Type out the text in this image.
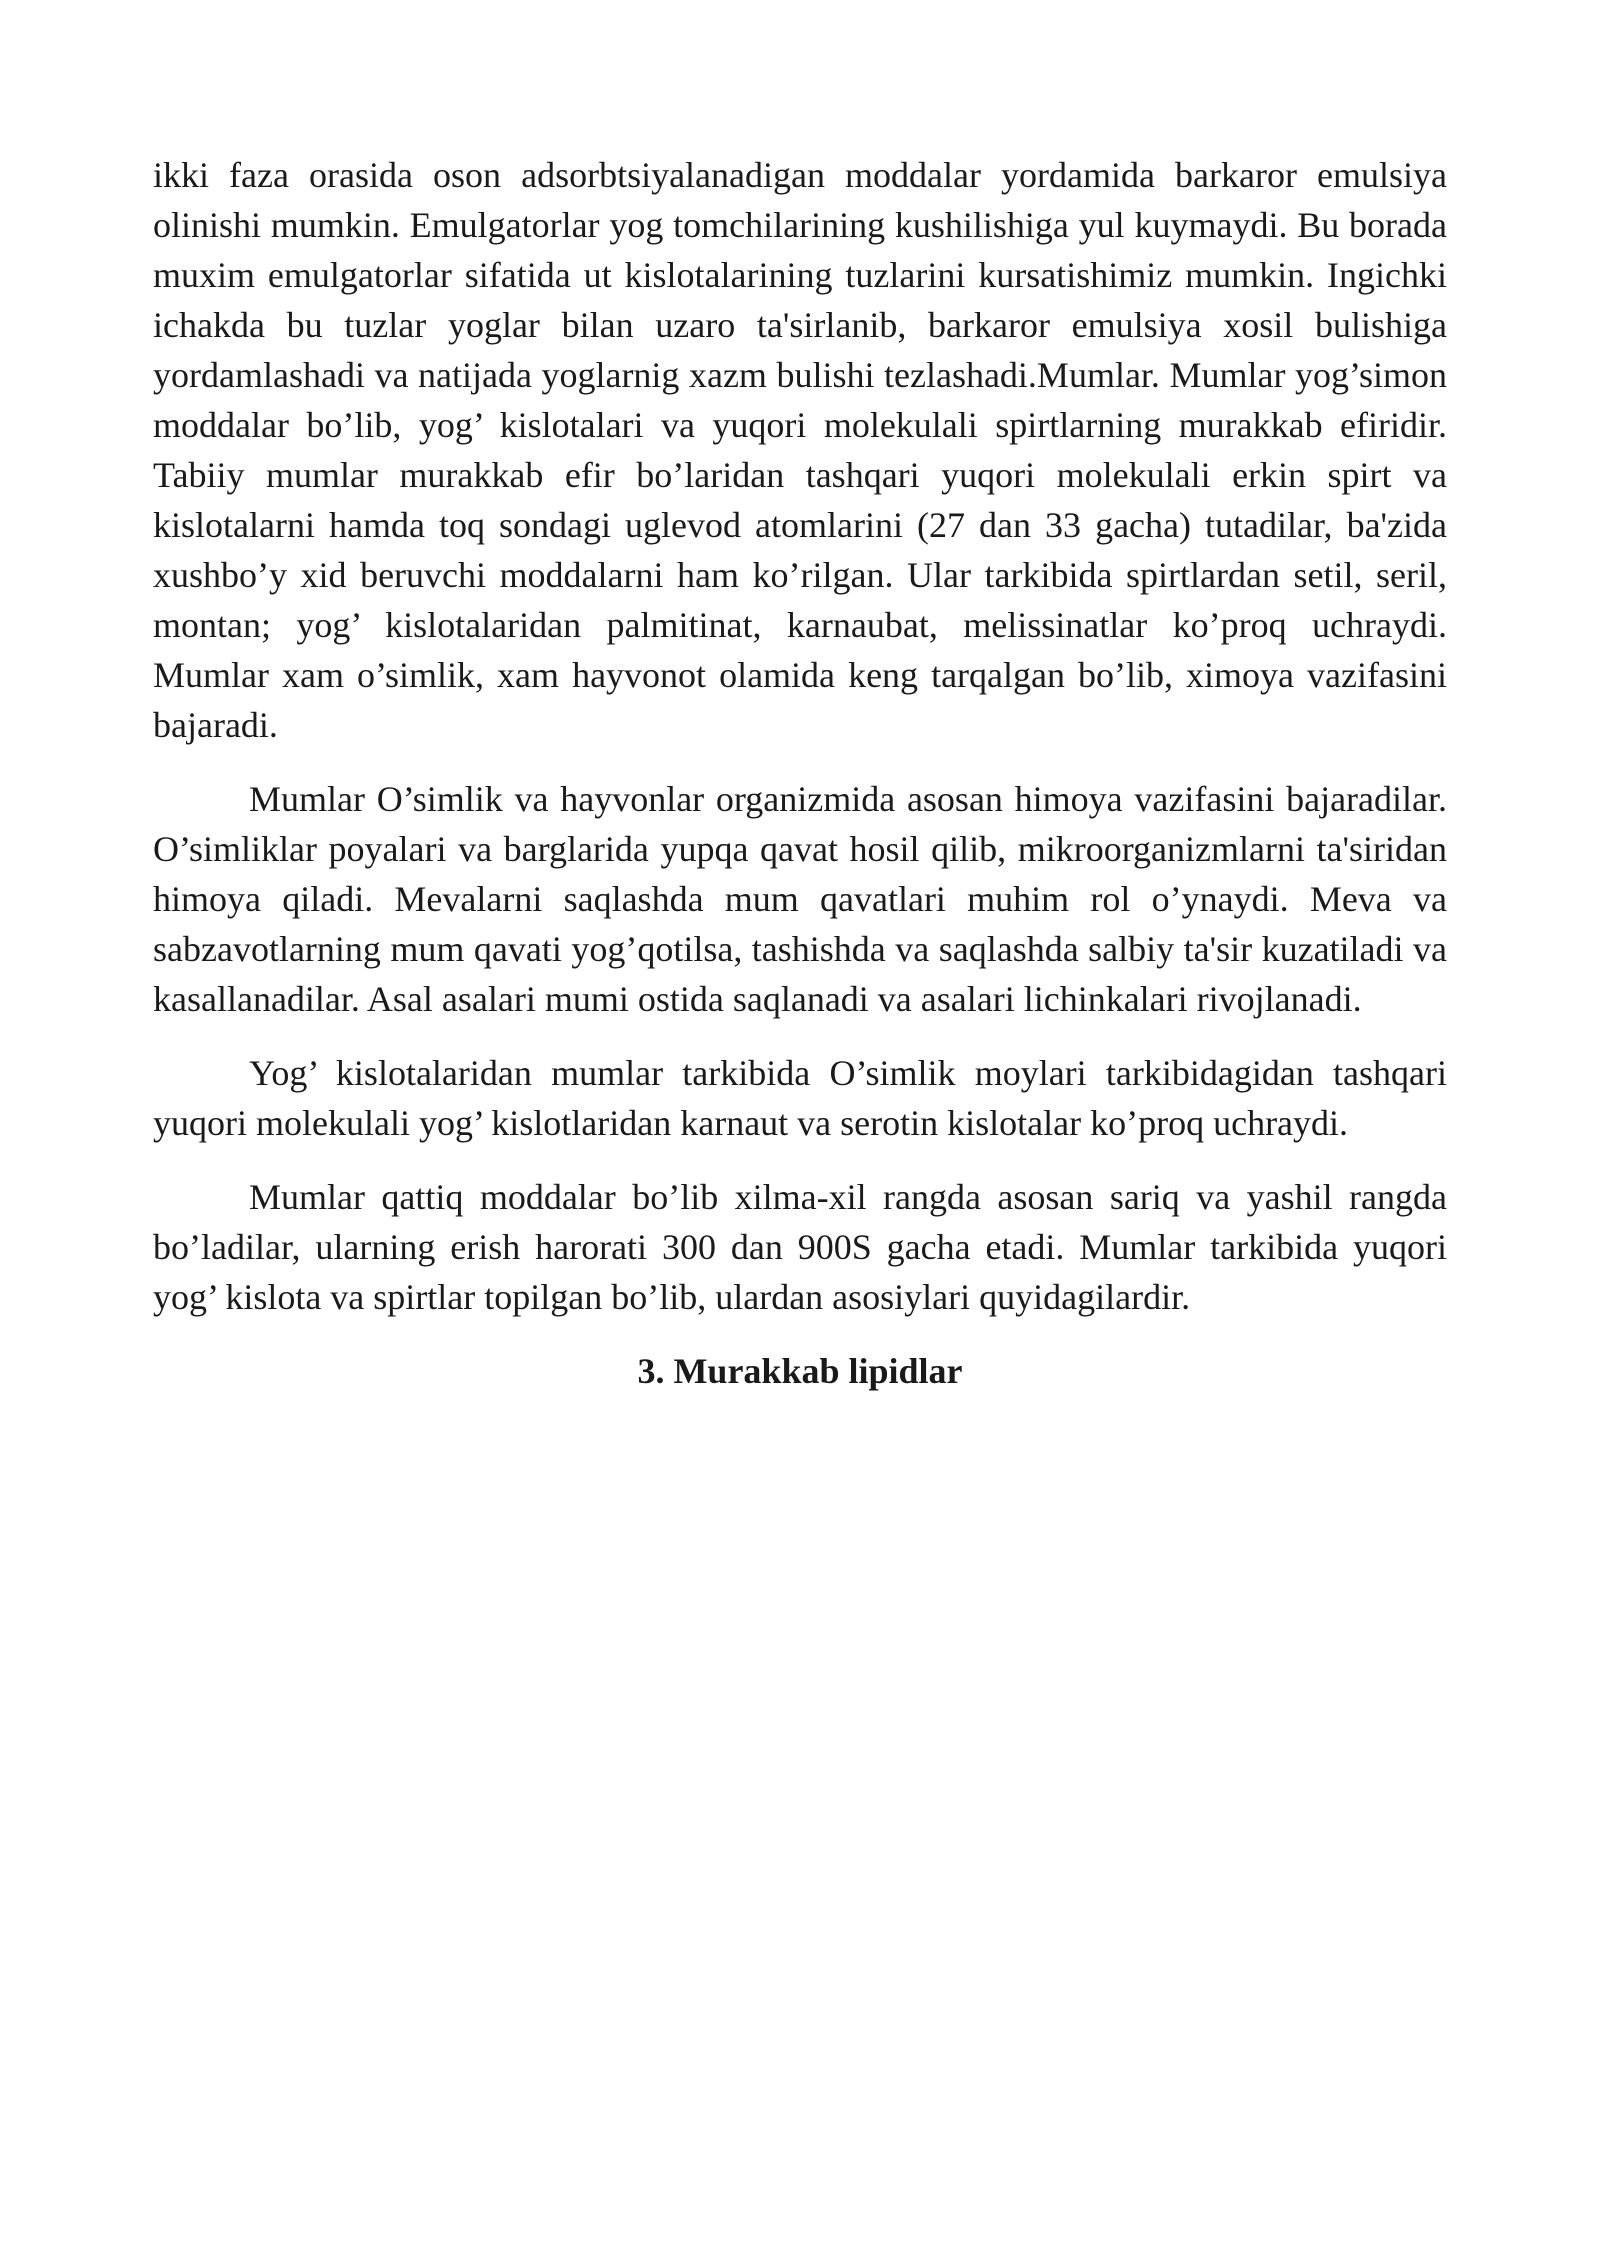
ikki faza orasida oson adsorbtsiyalanadigan moddalar yordamida barkaror emulsiya olinishi mumkin. Emulgatorlar yog tomchilarining kushilishiga yul kuymaydi. Bu borada muxim emulgatorlar sifatida ut kislotalarining tuzlarini kursatishimiz mumkin. Ingichki ichakda bu tuzlar yoglar bilan uzaro ta'sirlanib, barkaror emulsiya xosil bulishiga yordamlashadi va natijada yoglarnig xazm bulishi tezlashadi.Mumlar. Mumlar yog’simon moddalar bo’lib, yog’ kislotalari va yuqori molekulali spirtlarning murakkab efiridir. Tabiiy mumlar murakkab efir bo’laridan tashqari yuqori molekulali erkin spirt va kislotalarni hamda toq sondagi uglevod atomlarini (27 dan 33 gacha) tutadilar, ba'zida xushbo’y xid beruvchi moddalarni ham ko’rilgan. Ular tarkibida spirtlardan setil, seril, montan; yog’ kislotalaridan palmitinat, karnaubat, melissinatlar ko’proq uchraydi. Mumlar xam o’simlik, xam hayvonot olamida keng tarqalgan bo’lib, ximoya vazifasini bajaradi.

Mumlar O’simlik va hayvonlar organizmida asosan himoya vazifasini bajaradilar. O’simliklar poyalari va barglarida yupqa qavat hosil qilib, mikroorganizmlarni ta'siridan himoya qiladi. Mevalarni saqlashda mum qavatlari muhim rol o’ynaydi. Meva va sabzavotlarning mum qavati yog’qotilsa, tashishda va saqlashda salbiy ta'sir kuzatiladi va kasallanadilar. Asal asalari mumi ostida saqlanadi va asalari lichinkalari rivojlanadi.

Yog’ kislotalaridan mumlar tarkibida O’simlik moylari tarkibidagidan tashqari yuqori molekulali yog’ kislotlaridan karnaut va serotin kislotalar ko’proq uchraydi.

Mumlar qattiq moddalar bo’lib xilma-xil rangda asosan sariq va yashil rangda bo’ladilar, ularning erish harorati 300 dan 900S gacha etadi. Mumlar tarkibida yuqori yog’ kislota va spirtlar topilgan bo’lib, ulardan asosiylari quyidagilardir.

3. Murakkab lipidlar
